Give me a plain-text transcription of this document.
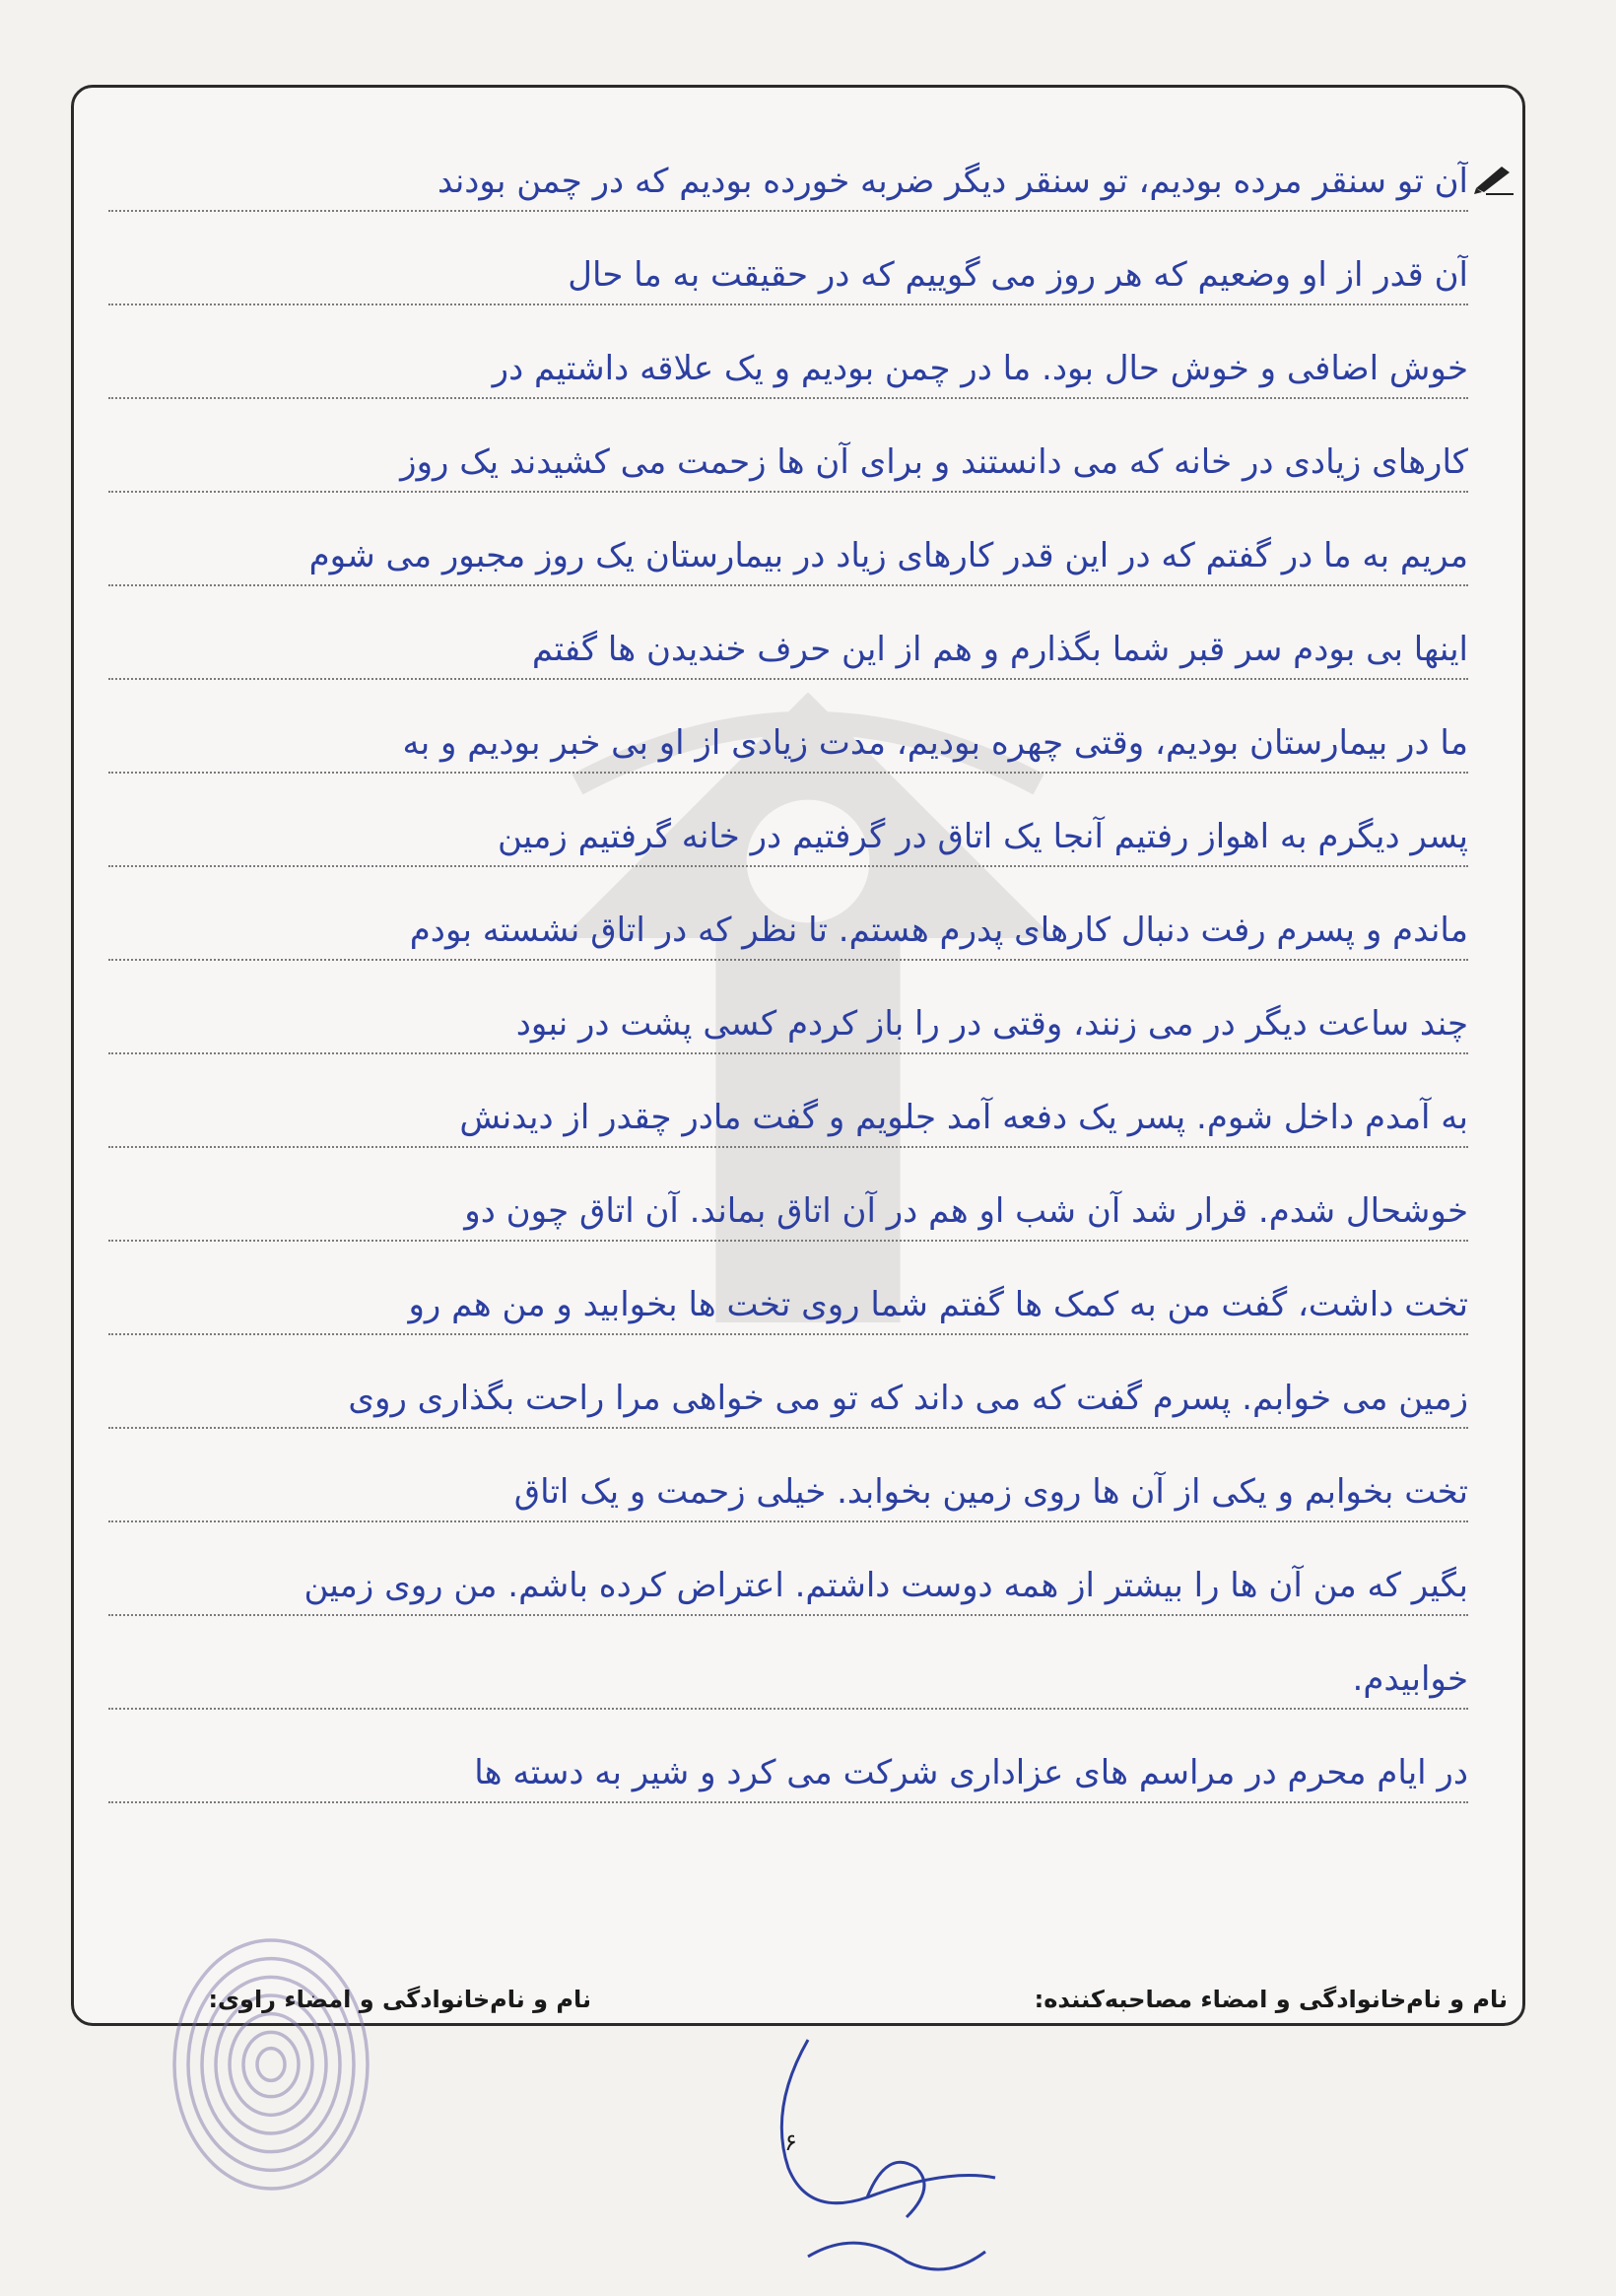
آن تو سنقر مرده بودیم، تو سنقر دیگر ضربه خورده بودیم که در چمن بودند
آن قدر از او وضعیم که هر روز می گوییم که در حقیقت به ما حال
خوش اضافی و خوش حال بود. ما در چمن بودیم و یک علاقه داشتیم در
کارهای زیادی در خانه که می دانستند و برای آن ها زحمت می کشیدند یک روز
مریم به ما در گفتم که در این قدر کارهای زیاد در بیمارستان یک روز مجبور می شوم
اینها بی بودم سر قبر شما بگذارم و هم از این حرف خندیدن ها گفتم
ما در بیمارستان بودیم، وقتی چهره بودیم، مدت زیادی از او بی خبر بودیم و به
پسر دیگرم به اهواز رفتیم آنجا یک اتاق در گرفتیم در خانه گرفتیم زمین
ماندم و پسرم رفت دنبال کارهای پدرم هستم. تا نظر که در اتاق نشسته بودم
چند ساعت دیگر در می زنند، وقتی در را باز کردم کسی پشت در نبود
به آمدم داخل شوم. پسر یک دفعه آمد جلویم و گفت مادر چقدر از دیدنش
خوشحال شدم. قرار شد آن شب او هم در آن اتاق بماند. آن اتاق چون دو
تخت داشت، گفت من به کمک ها گفتم شما روی تخت ها بخوابید و من هم رو
زمین می خوابم. پسرم گفت که می داند که تو می خواهی مرا راحت بگذاری روی
تخت بخوابم و یکی از آن ها روی زمین بخوابد. خیلی زحمت و یک اتاق
بگیر که من آن ها را بیشتر از همه دوست داشتم. اعتراض کرده باشم. من روی زمین
خوابیدم.
در ایام محرم در مراسم های عزاداری شرکت می کرد و شیر به دسته ها
نام و نام‌خانوادگی و امضاء مصاحبه‌کننده:
نام و نام‌خانوادگی و امضاء راوی:
۶
